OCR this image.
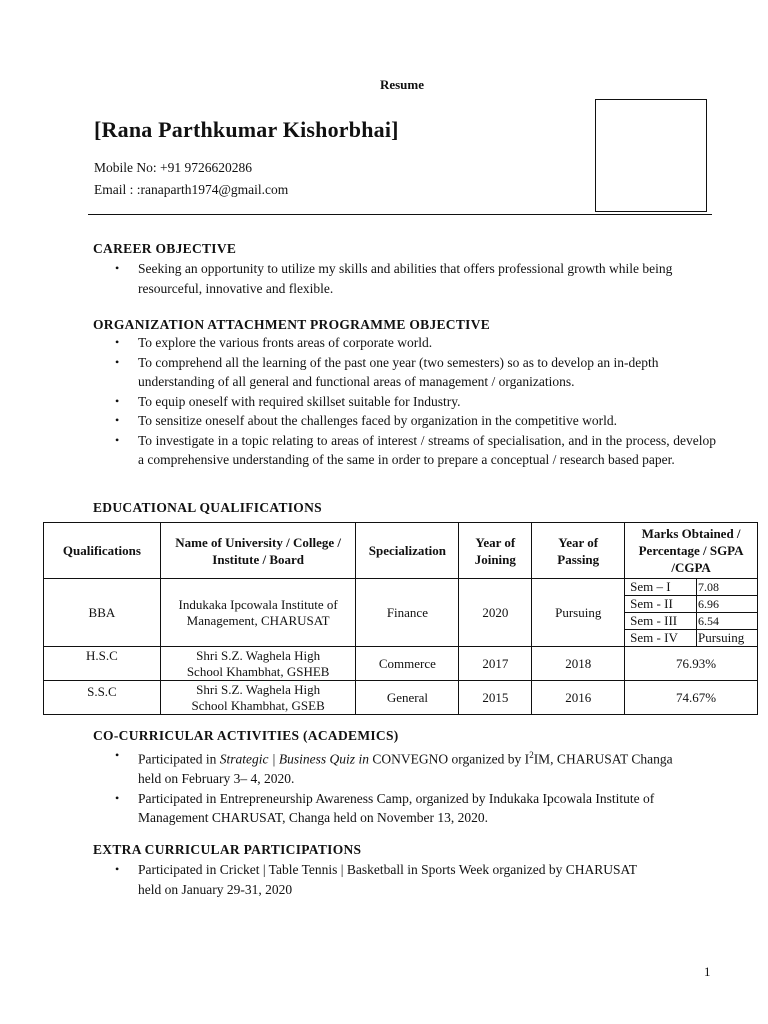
Resume
[Rana Parthkumar Kishorbhai]
Mobile No: +91 9726620286
Email : :ranaparth1974@gmail.com
CAREER OBJECTIVE
• Seeking an opportunity to utilize my skills and abilities that offers professional growth while being resourceful, innovative and flexible.
ORGANIZATION ATTACHMENT PROGRAMME OBJECTIVE
• To explore the various fronts areas of corporate world.
• To comprehend all the learning of the past one year (two semesters) so as to develop an in-depth understanding of all general and functional areas of management / organizations.
• To equip oneself with required skillset suitable for Industry.
• To sensitize oneself about the challenges faced by organization in the competitive world.
• To investigate in a topic relating to areas of interest / streams of specialisation, and in the process, develop a comprehensive understanding of the same in order to prepare a conceptual / research based paper.
EDUCATIONAL QUALIFICATIONS
Qualifications	Name of University / College / Institute / Board	Specialization	Year of Joining	Year of Passing	Marks Obtained / Percentage / SGPA /CGPA	
BBA	Indukaka Ipcowala Institute of Management, CHARUSAT	Finance	2020	Pursuing	Sem – I	7.08
					Sem - II	6.96
					Sem - III	6.54
					Sem - IV	Pursuing
H.S.C	Shri S.Z. Waghela High School Khambhat, GSHEB	Commerce	2017	2018	76.93%	
S.S.C	Shri S.Z. Waghela High School Khambhat, GSEB	General	2015	2016	74.67%	
CO-CURRICULAR ACTIVITIES (ACADEMICS)
• Participated in Strategic | Business Quiz in CONVEGNO organized by $I^2IM$, CHARUSAT Changa held on February 3– 4, 2020.
• Participated in Entrepreneurship Awareness Camp, organized by Indukaka Ipcowala Institute of Management CHARUSAT, Changa held on November 13, 2020.
EXTRA CURRICULAR PARTICIPATIONS
• Participated in Cricket | Table Tennis | Basketball in Sports Week organized by CHARUSAT held on January 29-31, 2020
1
